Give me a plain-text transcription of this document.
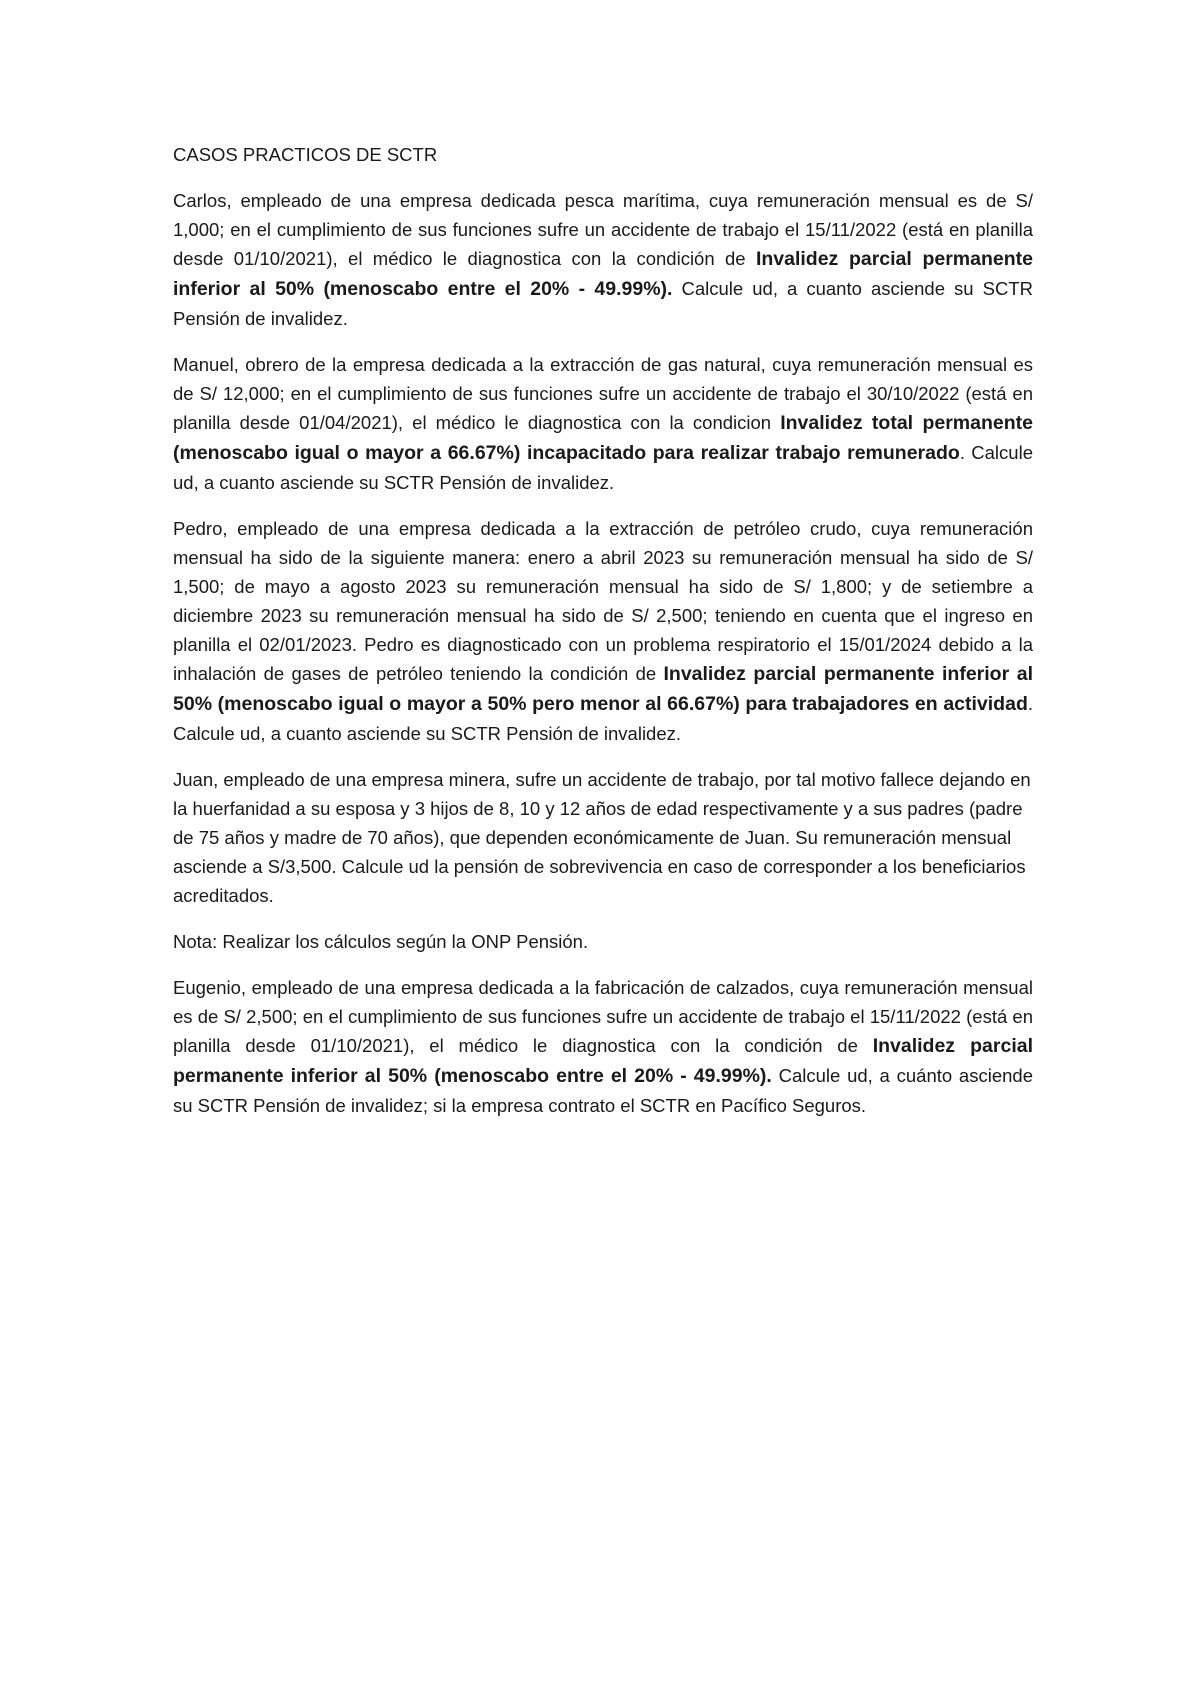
CASOS PRACTICOS DE SCTR

Carlos, empleado de una empresa dedicada pesca marítima, cuya remuneración mensual es de S/ 1,000; en el cumplimiento de sus funciones sufre un accidente de trabajo el 15/11/2022 (está en planilla desde 01/10/2021), el médico le diagnostica con la condición de Invalidez parcial permanente inferior al 50% (menoscabo entre el 20% - 49.99%). Calcule ud, a cuanto asciende su SCTR Pensión de invalidez.

Manuel, obrero de la empresa dedicada a la extracción de gas natural, cuya remuneración mensual es de S/ 12,000; en el cumplimiento de sus funciones sufre un accidente de trabajo el 30/10/2022 (está en planilla desde 01/04/2021), el médico le diagnostica con la condicion Invalidez total permanente (menoscabo igual o mayor a 66.67%) incapacitado para realizar trabajo remunerado. Calcule ud, a cuanto asciende su SCTR Pensión de invalidez.

Pedro, empleado de una empresa dedicada a la extracción de petróleo crudo, cuya remuneración mensual ha sido de la siguiente manera: enero a abril 2023 su remuneración mensual ha sido de S/ 1,500; de mayo a agosto 2023 su remuneración mensual ha sido de S/ 1,800; y de setiembre a diciembre 2023 su remuneración mensual ha sido de S/ 2,500; teniendo en cuenta que el ingreso en planilla el 02/01/2023. Pedro es diagnosticado con un problema respiratorio el 15/01/2024 debido a la inhalación de gases de petróleo teniendo la condición de Invalidez parcial permanente inferior al 50% (menoscabo igual o mayor a 50% pero menor al 66.67%) para trabajadores en actividad. Calcule ud, a cuanto asciende su SCTR Pensión de invalidez.

Juan, empleado de una empresa minera, sufre un accidente de trabajo, por tal motivo fallece dejando en la huerfanidad a su esposa y 3 hijos de 8, 10 y 12 años de edad respectivamente y a sus padres (padre de 75 años y madre de 70 años), que dependen económicamente de Juan. Su remuneración mensual asciende a S/3,500. Calcule ud la pensión de sobrevivencia en caso de corresponder a los beneficiarios acreditados.

Nota: Realizar los cálculos según la ONP Pensión.

Eugenio, empleado de una empresa dedicada a la fabricación de calzados, cuya remuneración mensual es de S/ 2,500; en el cumplimiento de sus funciones sufre un accidente de trabajo el 15/11/2022 (está en planilla desde 01/10/2021), el médico le diagnostica con la condición de Invalidez parcial permanente inferior al 50% (menoscabo entre el 20% - 49.99%). Calcule ud, a cuánto asciende su SCTR Pensión de invalidez; si la empresa contrato el SCTR en Pacífico Seguros.
